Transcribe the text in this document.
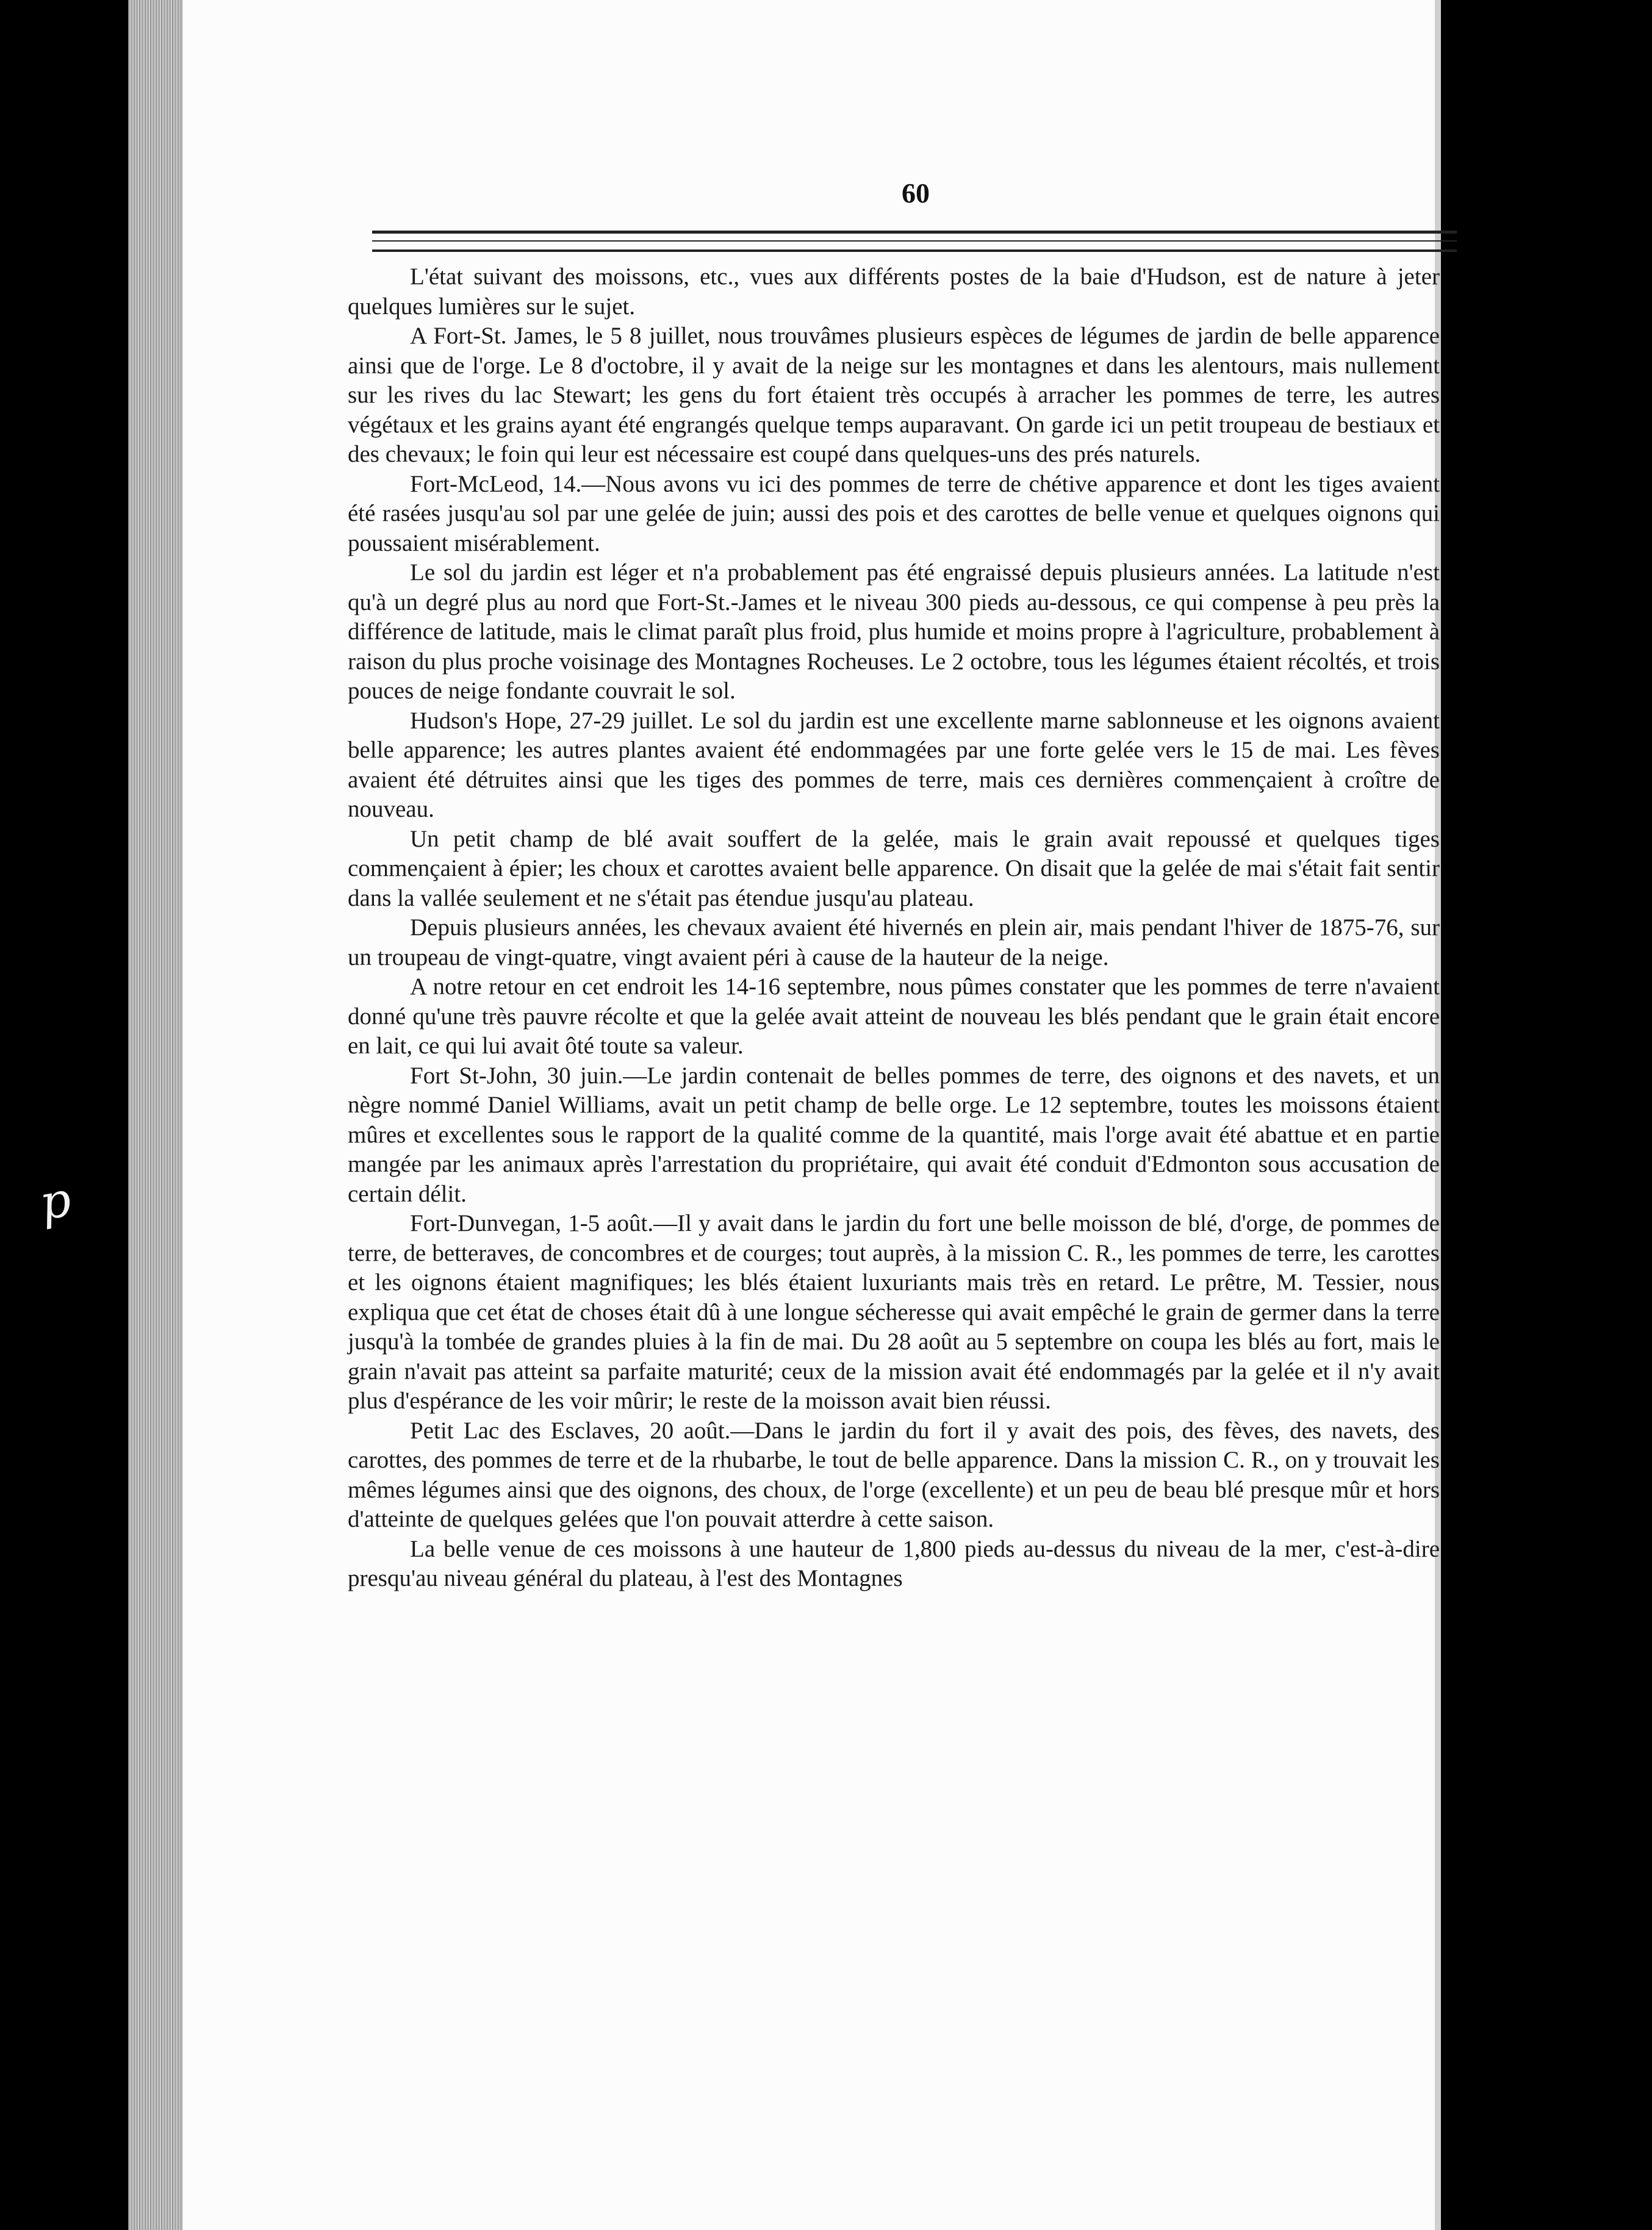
p
60

L'état suivant des moissons, etc., vues aux différents postes de la baie d'Hudson, est de nature à jeter quelques lumières sur le sujet.

A Fort-St. James, le 5 8 juillet, nous trouvâmes plusieurs espèces de légumes de jardin de belle apparence ainsi que de l'orge. Le 8 d'octobre, il y avait de la neige sur les montagnes et dans les alentours, mais nullement sur les rives du lac Stewart; les gens du fort étaient très occupés à arracher les pommes de terre, les autres végétaux et les grains ayant été engrangés quelque temps auparavant. On garde ici un petit troupeau de bestiaux et des chevaux; le foin qui leur est nécessaire est coupé dans quelques-uns des prés naturels.

Fort-McLeod, 14.—Nous avons vu ici des pommes de terre de chétive apparence et dont les tiges avaient été rasées jusqu'au sol par une gelée de juin; aussi des pois et des carottes de belle venue et quelques oignons qui poussaient misérablement.

Le sol du jardin est léger et n'a probablement pas été engraissé depuis plusieurs années. La latitude n'est qu'à un degré plus au nord que Fort-St.-James et le niveau 300 pieds au-dessous, ce qui compense à peu près la différence de latitude, mais le climat paraît plus froid, plus humide et moins propre à l'agriculture, probablement à raison du plus proche voisinage des Montagnes Rocheuses. Le 2 octobre, tous les légumes étaient récoltés, et trois pouces de neige fondante couvrait le sol.

Hudson's Hope, 27-29 juillet. Le sol du jardin est une excellente marne sablonneuse et les oignons avaient belle apparence; les autres plantes avaient été endommagées par une forte gelée vers le 15 de mai. Les fèves avaient été détruites ainsi que les tiges des pommes de terre, mais ces dernières commençaient à croître de nouveau.

Un petit champ de blé avait souffert de la gelée, mais le grain avait repoussé et quelques tiges commençaient à épier; les choux et carottes avaient belle apparence. On disait que la gelée de mai s'était fait sentir dans la vallée seulement et ne s'était pas étendue jusqu'au plateau.

Depuis plusieurs années, les chevaux avaient été hivernés en plein air, mais pendant l'hiver de 1875-76, sur un troupeau de vingt-quatre, vingt avaient péri à cause de la hauteur de la neige.

A notre retour en cet endroit les 14-16 septembre, nous pûmes constater que les pommes de terre n'avaient donné qu'une très pauvre récolte et que la gelée avait atteint de nouveau les blés pendant que le grain était encore en lait, ce qui lui avait ôté toute sa valeur.

Fort St-John, 30 juin.—Le jardin contenait de belles pommes de terre, des oignons et des navets, et un nègre nommé Daniel Williams, avait un petit champ de belle orge. Le 12 septembre, toutes les moissons étaient mûres et excellentes sous le rapport de la qualité comme de la quantité, mais l'orge avait été abattue et en partie mangée par les animaux après l'arrestation du propriétaire, qui avait été conduit d'Edmonton sous accusation de certain délit.

Fort-Dunvegan, 1-5 août.—Il y avait dans le jardin du fort une belle moisson de blé, d'orge, de pommes de terre, de betteraves, de concombres et de courges; tout auprès, à la mission C. R., les pommes de terre, les carottes et les oignons étaient magnifiques; les blés étaient luxuriants mais très en retard. Le prêtre, M. Tessier, nous expliqua que cet état de choses était dû à une longue sécheresse qui avait empêché le grain de germer dans la terre jusqu'à la tombée de grandes pluies à la fin de mai. Du 28 août au 5 septembre on coupa les blés au fort, mais le grain n'avait pas atteint sa parfaite maturité; ceux de la mission avait été endommagés par la gelée et il n'y avait plus d'espérance de les voir mûrir; le reste de la moisson avait bien réussi.

Petit Lac des Esclaves, 20 août.—Dans le jardin du fort il y avait des pois, des fèves, des navets, des carottes, des pommes de terre et de la rhubarbe, le tout de belle apparence. Dans la mission C. R., on y trouvait les mêmes légumes ainsi que des oignons, des choux, de l'orge (excellente) et un peu de beau blé presque mûr et hors d'atteinte de quelques gelées que l'on pouvait atterdre à cette saison.

La belle venue de ces moissons à une hauteur de 1,800 pieds au-dessus du niveau de la mer, c'est-à-dire presqu'au niveau général du plateau, à l'est des Montagnes
